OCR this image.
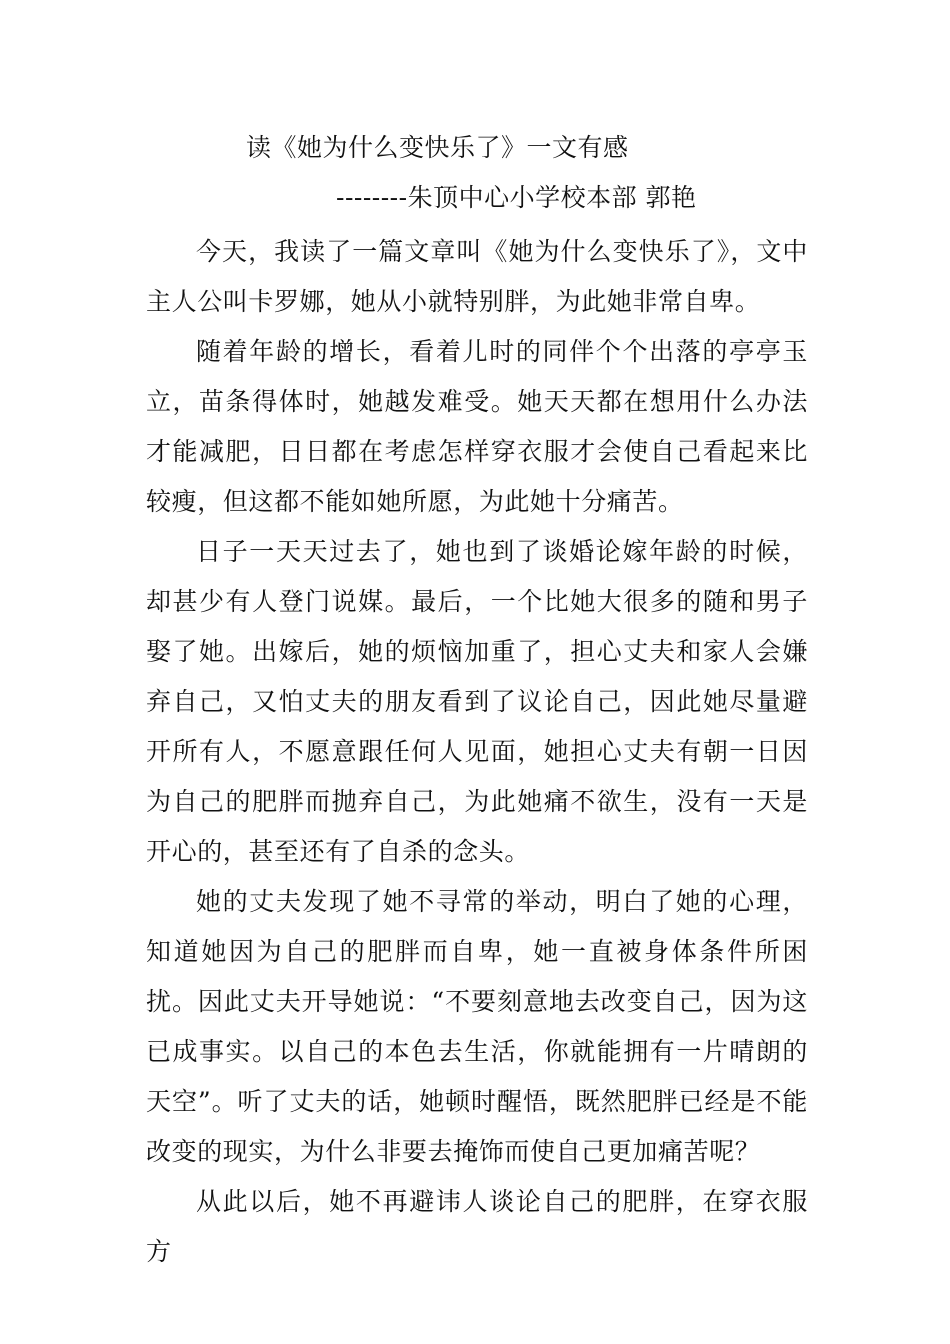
读《她为什么变快乐了》一文有感
--------朱顶中心小学校本部 郭艳

今天，我读了一篇文章叫《她为什么变快乐了》，文中主人公叫卡罗娜，她从小就特别胖，为此她非常自卑。

随着年龄的增长，看着儿时的同伴个个出落的亭亭玉立，苗条得体时，她越发难受。她天天都在想用什么办法才能减肥，日日都在考虑怎样穿衣服才会使自己看起来比较瘦，但这都不能如她所愿，为此她十分痛苦。

日子一天天过去了，她也到了谈婚论嫁年龄的时候，却甚少有人登门说媒。最后，一个比她大很多的随和男子娶了她。出嫁后，她的烦恼加重了，担心丈夫和家人会嫌弃自己，又怕丈夫的朋友看到了议论自己，因此她尽量避开所有人，不愿意跟任何人见面，她担心丈夫有朝一日因为自己的肥胖而抛弃自己，为此她痛不欲生，没有一天是开心的，甚至还有了自杀的念头。

她的丈夫发现了她不寻常的举动，明白了她的心理，知道她因为自己的肥胖而自卑，她一直被身体条件所困扰。因此丈夫开导她说：“不要刻意地去改变自己，因为这已成事实。以自己的本色去生活，你就能拥有一片晴朗的天空”。听了丈夫的话，她顿时醒悟，既然肥胖已经是不能改变的现实，为什么非要去掩饰而使自己更加痛苦呢？

从此以后，她不再避讳人谈论自己的肥胖，在穿衣服方
